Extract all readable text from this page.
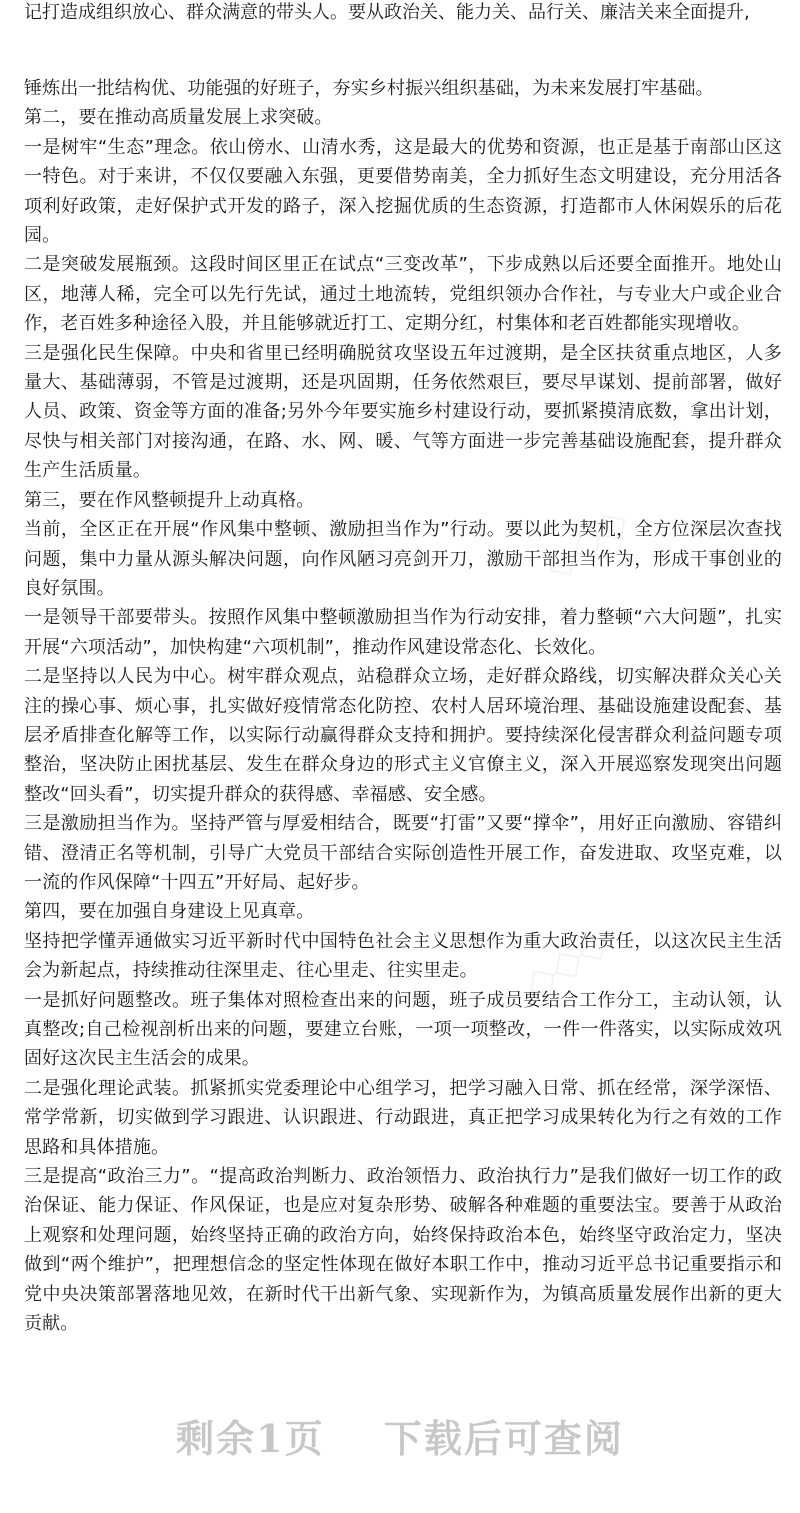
记打造成组织放心、群众满意的带头人。要从政治关、能力关、品行关、廉洁关来全面提升,

锤炼出一批结构优、功能强的好班子，夯实乡村振兴组织基础，为未来发展打牢基础。

第二，要在推动高质量发展上求突破。

一是树牢“生态”理念。依山傍水、山清水秀，这是最大的优势和资源，也正是基于南部山区这一特色。对于来讲，不仅仅要融入东强，更要借势南美，全力抓好生态文明建设，充分用活各项利好政策，走好保护式开发的路子，深入挖掘优质的生态资源，打造都市人休闲娱乐的后花园。

二是突破发展瓶颈。这段时间区里正在试点“三变改革”，下步成熟以后还要全面推开。地处山区，地薄人稀，完全可以先行先试，通过土地流转，党组织领办合作社，与专业大户或企业合作，老百姓多种途径入股，并且能够就近打工、定期分红，村集体和老百姓都能实现增收。

三是强化民生保障。中央和省里已经明确脱贫攻坚设五年过渡期，是全区扶贫重点地区，人多量大、基础薄弱，不管是过渡期，还是巩固期，任务依然艰巨，要尽早谋划、提前部署，做好人员、政策、资金等方面的准备;另外今年要实施乡村建设行动，要抓紧摸清底数，拿出计划，尽快与相关部门对接沟通，在路、水、网、暖、气等方面进一步完善基础设施配套，提升群众生产生活质量。

第三，要在作风整顿提升上动真格。

当前，全区正在开展“作风集中整顿、激励担当作为”行动。要以此为契机，全方位深层次查找问题，集中力量从源头解决问题，向作风陋习亮剑开刀，激励干部担当作为，形成干事创业的良好氛围。

一是领导干部要带头。按照作风集中整顿激励担当作为行动安排，着力整顿“六大问题”，扎实开展“六项活动”，加快构建“六项机制”，推动作风建设常态化、长效化。

二是坚持以人民为中心。树牢群众观点，站稳群众立场，走好群众路线，切实解决群众关心关注的操心事、烦心事，扎实做好疫情常态化防控、农村人居环境治理、基础设施建设配套、基层矛盾排查化解等工作，以实际行动赢得群众支持和拥护。要持续深化侵害群众利益问题专项整治，坚决防止困扰基层、发生在群众身边的形式主义官僚主义，深入开展巡察发现突出问题整改“回头看”，切实提升群众的获得感、幸福感、安全感。

三是激励担当作为。坚持严管与厚爱相结合，既要“打雷”又要“撑伞”，用好正向激励、容错纠错、澄清正名等机制，引导广大党员干部结合实际创造性开展工作，奋发进取、攻坚克难，以一流的作风保障“十四五”开好局、起好步。

第四，要在加强自身建设上见真章。

坚持把学懂弄通做实习近平新时代中国特色社会主义思想作为重大政治责任，以这次民主生活会为新起点，持续推动往深里走、往心里走、往实里走。

一是抓好问题整改。班子集体对照检查出来的问题，班子成员要结合工作分工，主动认领，认真整改;自己检视剖析出来的问题，要建立台账，一项一项整改，一件一件落实，以实际成效巩固好这次民主生活会的成果。

二是强化理论武装。抓紧抓实党委理论中心组学习，把学习融入日常、抓在经常，深学深悟、常学常新，切实做到学习跟进、认识跟进、行动跟进，真正把学习成果转化为行之有效的工作思路和具体措施。

三是提高“政治三力”。“提高政治判断力、政治领悟力、政治执行力”是我们做好一切工作的政治保证、能力保证、作风保证，也是应对复杂形势、破解各种难题的重要法宝。要善于从政治上观察和处理问题，始终坚持正确的政治方向，始终保持政治本色，始终坚守政治定力，坚决做到“两个维护”，把理想信念的坚定性体现在做好本职工作中，推动习近平总书记重要指示和党中央决策部署落地见效，在新时代干出新气象、实现新作为，为镇高质量发展作出新的更大贡献。

◇◇◇
◇◇◇
剩余1页 下载后可查阅
